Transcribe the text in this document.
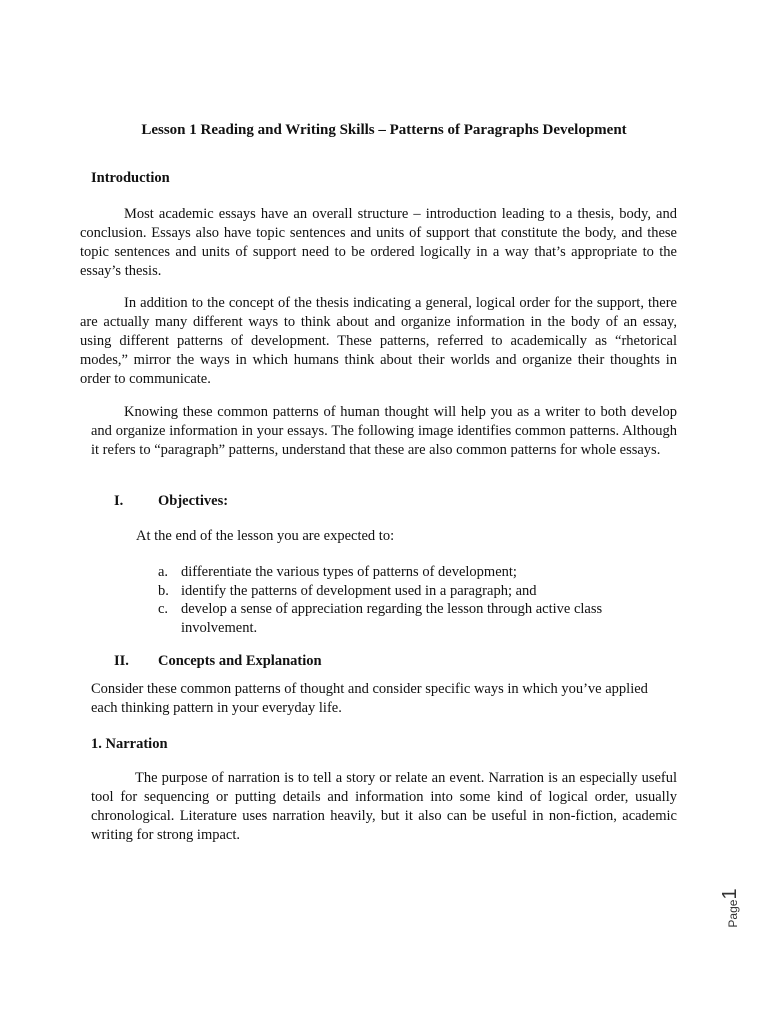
Lesson 1 Reading and Writing Skills – Patterns of Paragraphs Development
Introduction

Most academic essays have an overall structure – introduction leading to a thesis, body, and conclusion. Essays also have topic sentences and units of support that constitute the body, and these topic sentences and units of support need to be ordered logically in a way that’s appropriate to the essay’s thesis.

In addition to the concept of the thesis indicating a general, logical order for the support, there are actually many different ways to think about and organize information in the body of an essay, using different patterns of development. These patterns, referred to academically as “rhetorical modes,” mirror the ways in which humans think about their worlds and organize their thoughts in order to communicate.

Knowing these common patterns of human thought will help you as a writer to both develop and organize information in your essays. The following image identifies common patterns. Although it refers to “paragraph” patterns, understand that these are also common patterns for whole essays.

I. Objectives:

At the end of the lesson you are expected to:

a. differentiate the various types of patterns of development;
b. identify the patterns of development used in a paragraph; and
c. develop a sense of appreciation regarding the lesson through active class involvement.
II. Concepts and Explanation

Consider these common patterns of thought and consider specific ways in which you’ve applied each thinking pattern in your everyday life.

1. Narration

The purpose of narration is to tell a story or relate an event. Narration is an especially useful tool for sequencing or putting details and information into some kind of logical order, usually chronological. Literature uses narration heavily, but it also can be useful in non-fiction, academic writing for strong impact.

Page
1
